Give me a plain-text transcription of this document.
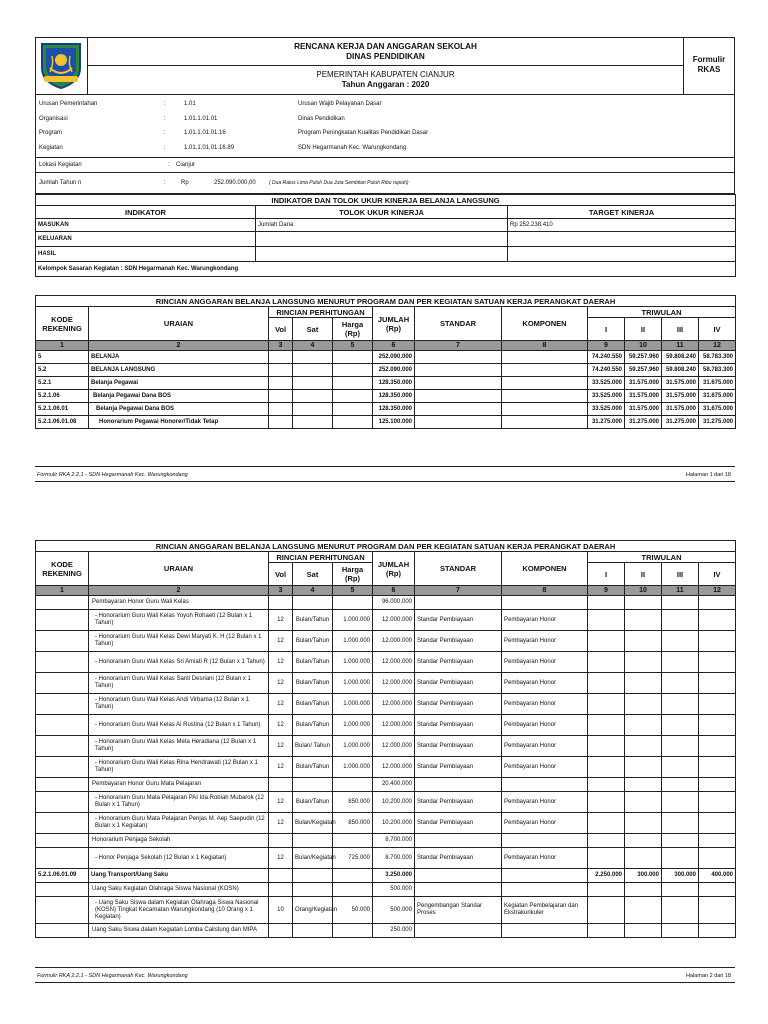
RENCANA KERJA DAN ANGGARAN SEKOLAH
DINAS PENDIDIKAN
PEMERINTAH KABUPATEN CIANJUR
Tahun Anggaran : 2020
Formulir
RKAS
Urusan Pemerintahan	:	1.01	Urusan Wajib Pelayanan Dasar
Organisasi	:	1.01.1.01.01	Dinas Pendidikan
Program	:	1.01.1.01.01.16	Program Peningkatan Kualitas Pendidikan Dasar
Kegiatan	:	1.01.1.01.01.16.89	SDN Hegarmanah Kec. Warungkondang
Lokasi Kegiatan	: Cianjur
Jumlah Tahun n	:	Rp	252.090.000,00	( Dua Ratus Lima Puluh Dua Juta Sembilan Puluh Ribu rupiah)
INDIKATOR DAN TOLOK UKUR KINERJA BELANJA LANGSUNG		
INDIKATOR	TOLOK UKUR KINERJA	TARGET KINERJA
MASUKAN	Jumlah Dana	Rp 252.238.410
KELUARAN		
HASIL		
Kelompok Sasaran Kegiatan : SDN Hegarmanah Kec. Warungkondang		
RINCIAN ANGGARAN BELANJA LANGSUNG MENURUT PROGRAM DAN PER KEGIATAN SATUAN KERJA PERANGKAT DAERAH											
KODE REKENING	URAIAN	RINCIAN PERHITUNGAN			JUMLAH (Rp)	STANDAR	KOMPONEN	TRIWULAN			
		Vol	Sat	Harga (Rp)				I	II	III	IV
1	2	3	4	5	6	7	8	9	10	11	12
5	BELANJA				252.090.000			74.240.550	59.257.960	59.808.240	58.783.300
5.2	BELANJA LANGSUNG				252.090.000			74.240.550	59.257.960	59.808.240	58.783.300
5.2.1	Belanja Pegawai				128.350.000			33.525.000	31.575.000	31.575.000	31.675.000
5.2.1.06	Belanja Pegawai Dana BOS				128.350.000			33.525.000	31.575.000	31.575.000	31.675.000
5.2.1.06.01	Belanja Pegawai Dana BOS				128.350.000			33.525.000	31.575.000	31.575.000	31.675.000
5.2.1.06.01.08	Honorarium Pegawai Honorer/Tidak Tetap				125.100.000			31.275.000	31.275.000	31.275.000	31.275.000
Formulir RKA 2.2.1 - SDN Hegarmanah Kec. Warungkondang	Halaman 1 dari 18
RINCIAN ANGGARAN BELANJA LANGSUNG MENURUT PROGRAM DAN PER KEGIATAN SATUAN KERJA PERANGKAT DAERAH											
KODE REKENING	URAIAN	RINCIAN PERHITUNGAN			JUMLAH (Rp)	STANDAR	KOMPONEN	TRIWULAN			
		Vol	Sat	Harga (Rp)				I	II	III	IV
1	2	3	4	5	6	7	8	9	10	11	12
	Pembayaran Honor Guru Wali Kelas				96.000.000						
	- Honorarium Guru Wali Kelas Yoyoh Rohaeti (12 Bulan x 1 Tahun)	12	Bulan/Tahun	1.000.000	12.000.000	Standar Pembiayaan	Pembayaran Honor				
	- Honorarium Guru Wali Kelas Dewi Maryati K. H (12 Bulan x 1 Tahun)	12	Bulan/Tahun	1.000.000	12.000.000	Standar Pembiayaan	Pembayaran Honor				
	- Honorarium Guru Wali Kelas Sri Amiati R (12 Bulan x 1 Tahun)	12	Bulan/Tahun	1.000.000	12.000.000	Standar Pembiayaan	Pembayaran Honor				
	- Honorarium Guru Wali Kelas Santi Desriani (12 Bulan x 1 Tahun)	12	Bulan/Tahun	1.000.000	12.000.000	Standar Pembiayaan	Pembayaran Honor				
	- Honorarium Guru Wali Kelas Andi Virbama (12 Bulan x 1 Tahun)	12	Bulan/Tahun	1.000.000	12.000.000	Standar Pembiayaan	Pembayaran Honor				
	- Honorarium Guru Wali Kelas Ai Rustina (12 Bulan x 1 Tahun)	12	Bulan/Tahun	1.000.000	12.000.000	Standar Pembiayaan	Pembayaran Honor				
	- Honorarium Guru Wali Kelas Meta Heradiana (12 Bulan x 1 Tahun)	12	Bulan/ Tahun	1.000.000	12.000.000	Standar Pembiayaan	Pembayaran Honor				
	- Honorarium Guru Wali Kelas Rina Hendrawati (12 Bulan x 1 Tahun)	12	Bulan/Tahun	1.000.000	12.000.000	Standar Pembiayaan	Pembayaran Honor				
	Pembayaran Honor Guru Mata Pelajaran				20.400.000						
	- Honorarium Guru Mata Pelajaran PAI Ida Robiah Mubarok (12 Bulan x 1 Tahun)	12	Bulan/Tahun	850.000	10.200.000	Standar Pembiayaan	Pembayaran Honor				
	- Honorarium Guru Mata Pelajaran Penjas M. Aep Saepudin (12 Bulan x 1 Kegiatan)	12	Bulan/Kegiatan	850.000	10.200.000	Standar Pembiayaan	Pembayaran Honor				
	Honorarium Penjaga Sekolah				8.700.000						
	- Honor Penjaga Sekolah (12 Bulan x 1 Kegiatan)	12	Bulan/Kegiatan	725.000	8.700.000	Standar Pembiayaan	Pembayaran Honor				
5.2.1.06.01.09	Uang Transport/Uang Saku				3.250.000			2.250.000	300.000	300.000	400.000
	Uang Saku Kegiatan Olahraga Siswa Nasional (KOSN)				500.000						
	- Uang Saku Siswa dalam Kegiatan Olahraga Siswa Nasional (KOSN) Tingkat Kecamatan Warungkondang (10 Orang x 1 Kegiatan)	10	Orang/Kegiatan	50.000	500.000	Pengembangan Standar Proses	Kegiatan Pembelajaran dan Ekstrakurikuler				
	Uang Saku Siswa dalam Kegiatan Lomba Calistung dan MIPA				250.000						
Formulir RKA 2.2.1 - SDN Hegarmanah Kec. Warungkondang	Halaman 2 dari 18
